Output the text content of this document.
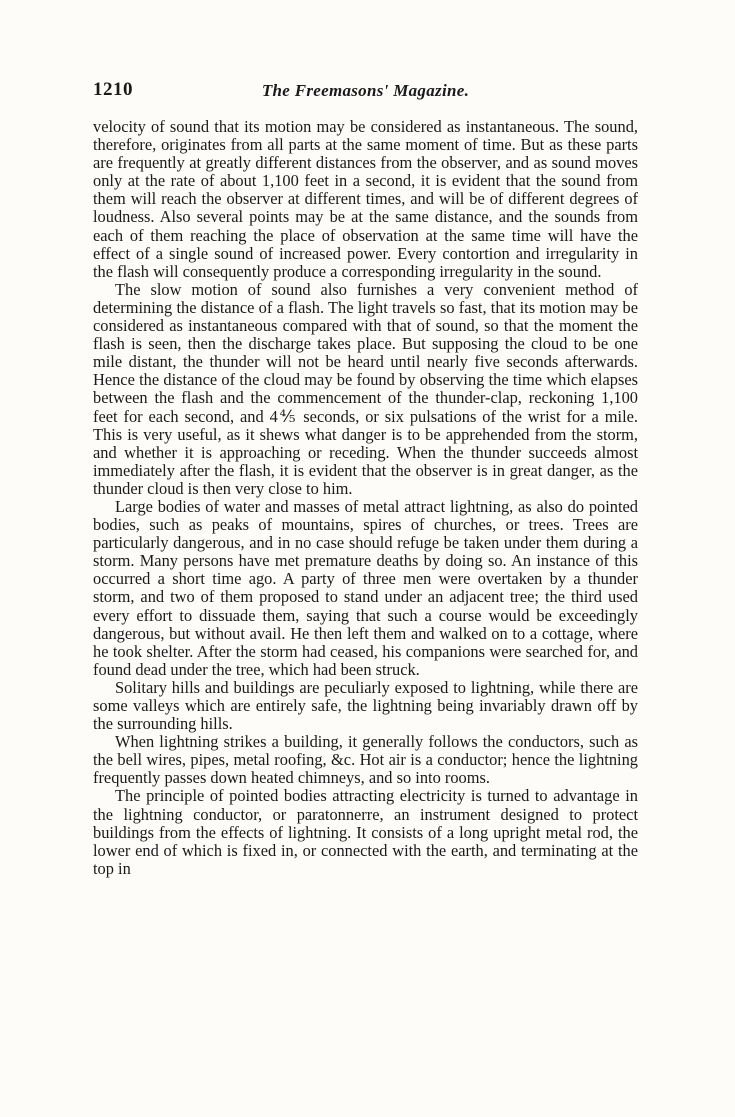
1210	The Freemasons' Magazine.

velocity of sound that its motion may be considered as instantaneous. The sound, therefore, originates from all parts at the same moment of time. But as these parts are frequently at greatly different distances from the observer, and as sound moves only at the rate of about 1,100 feet in a second, it is evident that the sound from them will reach the observer at different times, and will be of different degrees of loudness. Also several points may be at the same distance, and the sounds from each of them reaching the place of observation at the same time will have the effect of a single sound of increased power. Every contortion and irregularity in the flash will consequently produce a corresponding irregularity in the sound.

The slow motion of sound also furnishes a very convenient method of determining the distance of a flash. The light travels so fast, that its motion may be considered as instantaneous compared with that of sound, so that the moment the flash is seen, then the discharge takes place. But supposing the cloud to be one mile distant, the thunder will not be heard until nearly five seconds afterwards. Hence the distance of the cloud may be found by observing the time which elapses between the flash and the commencement of the thunder-clap, reckoning 1,100 feet for each second, and 4⅘ seconds, or six pulsations of the wrist for a mile. This is very useful, as it shews what danger is to be apprehended from the storm, and whether it is approaching or receding. When the thunder succeeds almost immediately after the flash, it is evident that the observer is in great danger, as the thunder cloud is then very close to him.

Large bodies of water and masses of metal attract lightning, as also do pointed bodies, such as peaks of mountains, spires of churches, or trees. Trees are particularly dangerous, and in no case should refuge be taken under them during a storm. Many persons have met premature deaths by doing so. An instance of this occurred a short time ago. A party of three men were overtaken by a thunder storm, and two of them proposed to stand under an adjacent tree; the third used every effort to dissuade them, saying that such a course would be exceedingly dangerous, but without avail. He then left them and walked on to a cottage, where he took shelter. After the storm had ceased, his companions were searched for, and found dead under the tree, which had been struck.

Solitary hills and buildings are peculiarly exposed to lightning, while there are some valleys which are entirely safe, the lightning being invariably drawn off by the surrounding hills.

When lightning strikes a building, it generally follows the conductors, such as the bell wires, pipes, metal roofing, &c. Hot air is a conductor; hence the lightning frequently passes down heated chimneys, and so into rooms.

The principle of pointed bodies attracting electricity is turned to advantage in the lightning conductor, or paratonnerre, an instrument designed to protect buildings from the effects of lightning. It consists of a long upright metal rod, the lower end of which is fixed in, or connected with the earth, and terminating at the top in
